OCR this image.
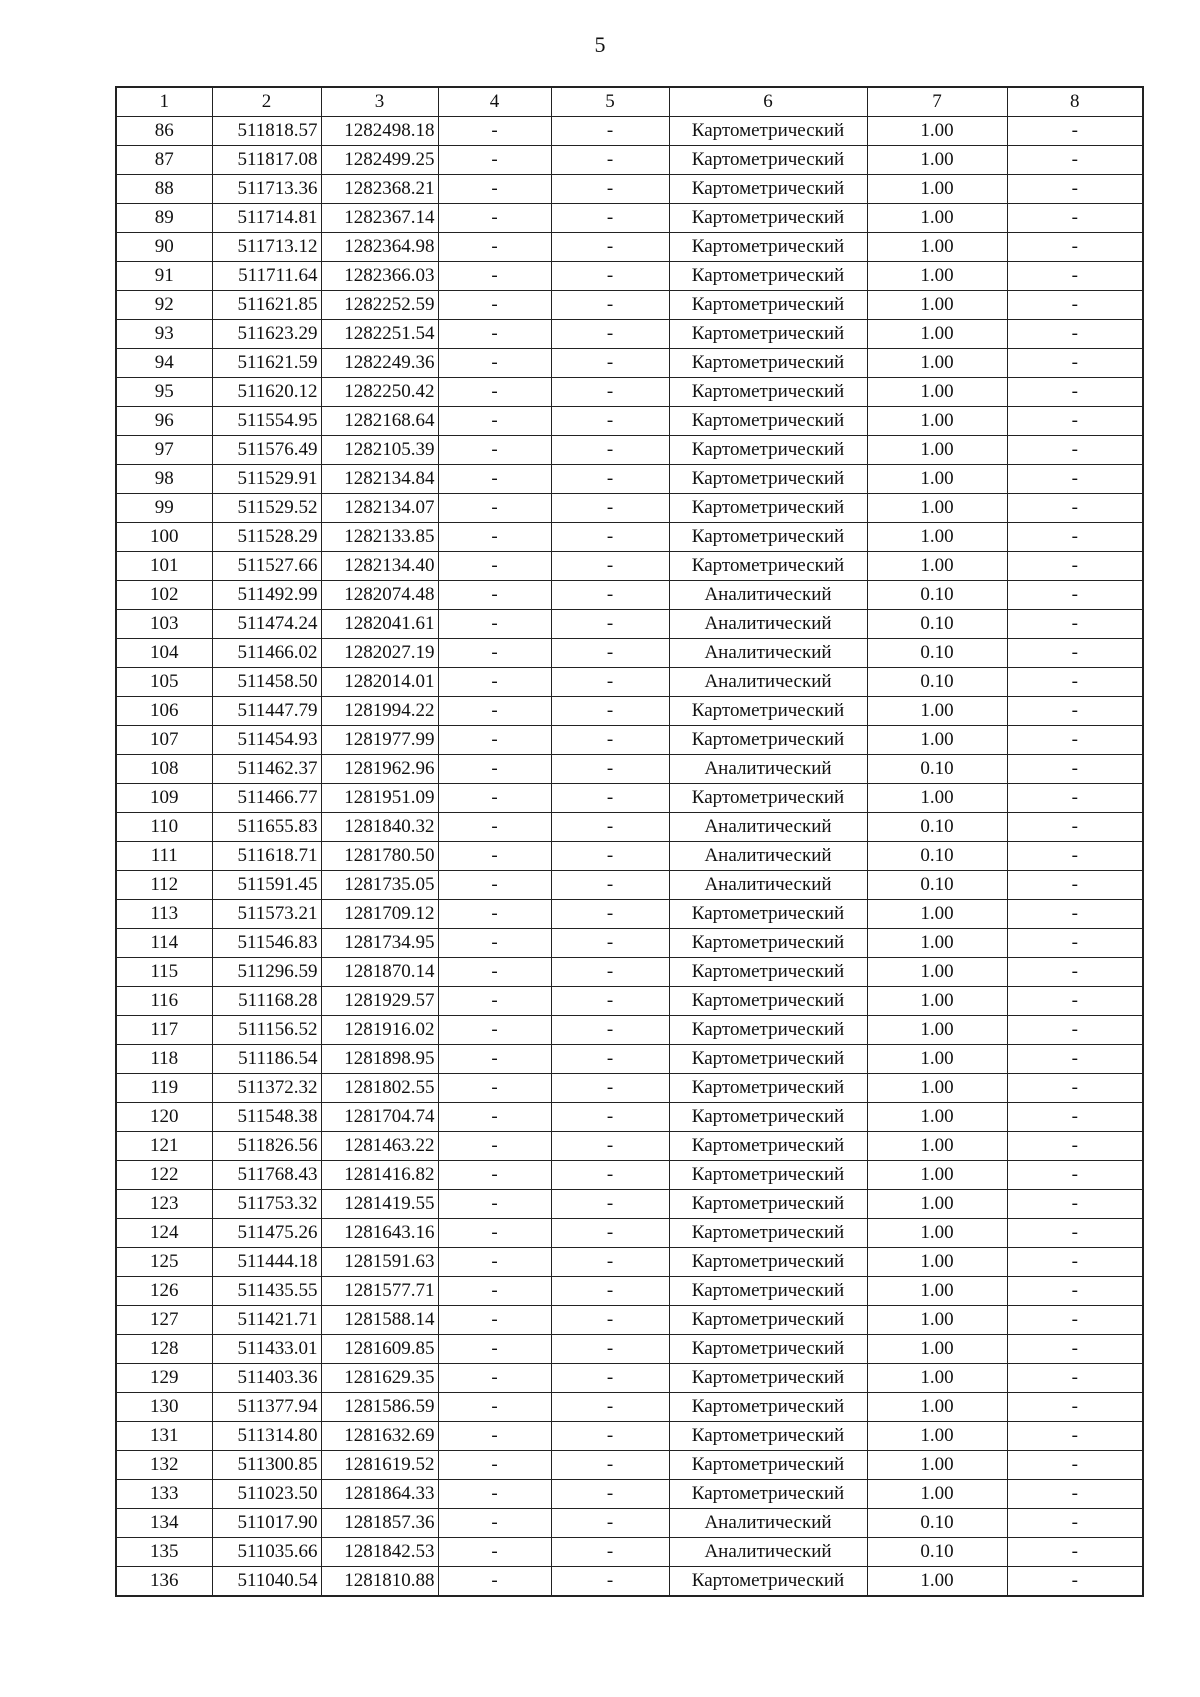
5
1	2	3	4	5	6	7	8
86	511818.57	1282498.18	-	-	Картометрический	1.00	-
87	511817.08	1282499.25	-	-	Картометрический	1.00	-
88	511713.36	1282368.21	-	-	Картометрический	1.00	-
89	511714.81	1282367.14	-	-	Картометрический	1.00	-
90	511713.12	1282364.98	-	-	Картометрический	1.00	-
91	511711.64	1282366.03	-	-	Картометрический	1.00	-
92	511621.85	1282252.59	-	-	Картометрический	1.00	-
93	511623.29	1282251.54	-	-	Картометрический	1.00	-
94	511621.59	1282249.36	-	-	Картометрический	1.00	-
95	511620.12	1282250.42	-	-	Картометрический	1.00	-
96	511554.95	1282168.64	-	-	Картометрический	1.00	-
97	511576.49	1282105.39	-	-	Картометрический	1.00	-
98	511529.91	1282134.84	-	-	Картометрический	1.00	-
99	511529.52	1282134.07	-	-	Картометрический	1.00	-
100	511528.29	1282133.85	-	-	Картометрический	1.00	-
101	511527.66	1282134.40	-	-	Картометрический	1.00	-
102	511492.99	1282074.48	-	-	Аналитический	0.10	-
103	511474.24	1282041.61	-	-	Аналитический	0.10	-
104	511466.02	1282027.19	-	-	Аналитический	0.10	-
105	511458.50	1282014.01	-	-	Аналитический	0.10	-
106	511447.79	1281994.22	-	-	Картометрический	1.00	-
107	511454.93	1281977.99	-	-	Картометрический	1.00	-
108	511462.37	1281962.96	-	-	Аналитический	0.10	-
109	511466.77	1281951.09	-	-	Картометрический	1.00	-
110	511655.83	1281840.32	-	-	Аналитический	0.10	-
111	511618.71	1281780.50	-	-	Аналитический	0.10	-
112	511591.45	1281735.05	-	-	Аналитический	0.10	-
113	511573.21	1281709.12	-	-	Картометрический	1.00	-
114	511546.83	1281734.95	-	-	Картометрический	1.00	-
115	511296.59	1281870.14	-	-	Картометрический	1.00	-
116	511168.28	1281929.57	-	-	Картометрический	1.00	-
117	511156.52	1281916.02	-	-	Картометрический	1.00	-
118	511186.54	1281898.95	-	-	Картометрический	1.00	-
119	511372.32	1281802.55	-	-	Картометрический	1.00	-
120	511548.38	1281704.74	-	-	Картометрический	1.00	-
121	511826.56	1281463.22	-	-	Картометрический	1.00	-
122	511768.43	1281416.82	-	-	Картометрический	1.00	-
123	511753.32	1281419.55	-	-	Картометрический	1.00	-
124	511475.26	1281643.16	-	-	Картометрический	1.00	-
125	511444.18	1281591.63	-	-	Картометрический	1.00	-
126	511435.55	1281577.71	-	-	Картометрический	1.00	-
127	511421.71	1281588.14	-	-	Картометрический	1.00	-
128	511433.01	1281609.85	-	-	Картометрический	1.00	-
129	511403.36	1281629.35	-	-	Картометрический	1.00	-
130	511377.94	1281586.59	-	-	Картометрический	1.00	-
131	511314.80	1281632.69	-	-	Картометрический	1.00	-
132	511300.85	1281619.52	-	-	Картометрический	1.00	-
133	511023.50	1281864.33	-	-	Картометрический	1.00	-
134	511017.90	1281857.36	-	-	Аналитический	0.10	-
135	511035.66	1281842.53	-	-	Аналитический	0.10	-
136	511040.54	1281810.88	-	-	Картометрический	1.00	-
